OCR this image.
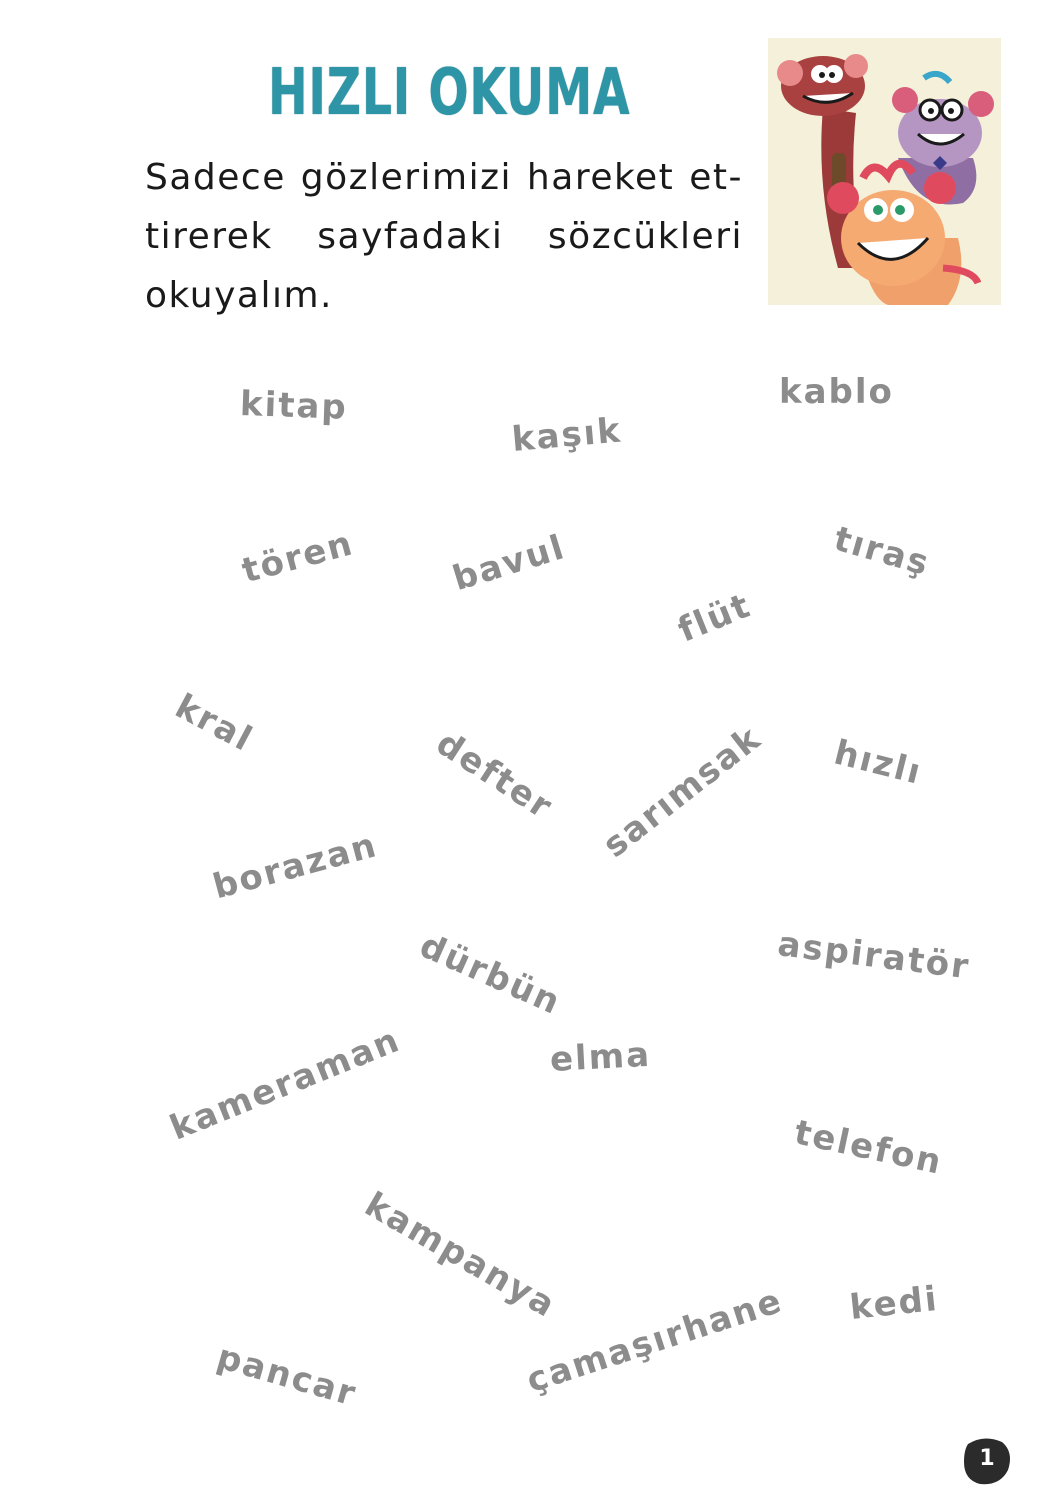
HIZLI OKUMA

Sadece gözlerimizi hareket et- tirerek sayfadaki sözcükleri okuyalım.

kitap
kaşık
kablo
tören	bavul	tıraş
flüt
kral	defter	hızlı
sarımsak
borazan
dürbün	aspiratör
kameraman	elma
telefon
kampanya
pancar	çamaşırhane kedi
1
